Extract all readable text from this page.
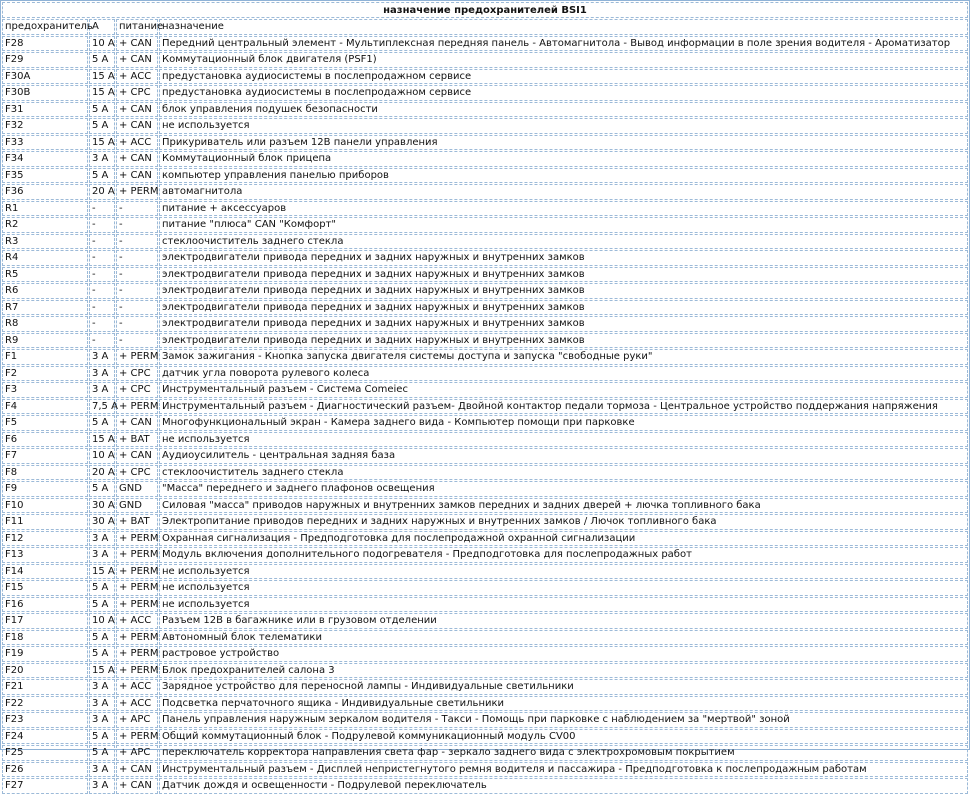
назначение предохранителей BSI1			
предохранитель	A	питание	назначение
F28	10 A	+ CAN	Передний центральный элемент - Мультиплексная передняя панель - Автомагнитола - Вывод информации в поле зрения водителя - Ароматизатор
F29	5 A	+ CAN	Коммутационный блок двигателя (PSF1)
F30A	15 A	+ ACC	предустановка аудиосистемы в послепродажном сервисе
F30B	15 A	+ CPC	предустановка аудиосистемы в послепродажном сервисе
F31	5 A	+ CAN	блок управления подушек безопасности
F32	5 A	+ CAN	не используется
F33	15 A	+ ACC	Прикуриватель или разъем 12В панели управления
F34	3 A	+ CAN	Коммутационный блок прицепа
F35	5 A	+ CAN	компьютер управления панелью приборов
F36	20 A	+ PERM	автомагнитола
R1	-	-	питание + аксессуаров
R2	-	-	питание "плюса" CAN "Комфорт"
R3	-	-	стеклоочиститель заднего стекла
R4	-	-	электродвигатели привода передних и задних наружных и внутренних замков
R5	-	-	электродвигатели привода передних и задних наружных и внутренних замков
R6	-	-	электродвигатели привода передних и задних наружных и внутренних замков
R7	-	-	электродвигатели привода передних и задних наружных и внутренних замков
R8	-	-	электродвигатели привода передних и задних наружных и внутренних замков
R9	-	-	электродвигатели привода передних и задних наружных и внутренних замков
F1	3 A	+ PERM	Замок зажигания - Кнопка запуска двигателя системы доступа и запуска "свободные руки"
F2	3 A	+ CPC	датчик угла поворота рулевого колеса
F3	3 A	+ CPC	Инструментальный разъем - Система Comeiec
F4	7,5 A	+ PERM	Инструментальный разъем - Диагностический разъем- Двойной контактор педали тормоза - Центральное устройство поддержания напряжения
F5	5 A	+ CAN	Многофункциональный экран - Камера заднего вида - Компьютер помощи при парковке
F6	15 A	+ BAT	не используется
F7	10 A	+ CAN	Аудиоусилитель - центральная задняя база
F8	20 A	+ CPC	стеклоочиститель заднего стекла
F9	5 A	GND	"Масса" переднего и заднего плафонов освещения
F10	30 A	GND	Силовая "масса" приводов наружных и внутренних замков передних и задних дверей + лючка топливного бака
F11	30 A	+ BAT	Электропитание приводов передних и задних наружных и внутренних замков / Лючок топливного бака
F12	3 A	+ PERM	Охранная сигнализация - Предподготовка для послепродажной охранной сигнализации
F13	3 A	+ PERM	Модуль включения дополнительного подогревателя - Предподготовка для послепродажных работ
F14	15 A	+ PERM	не используется
F15	5 A	+ PERM	не используется
F16	5 A	+ PERM	не используется
F17	10 A	+ ACC	Разъем 12В в багажнике или в грузовом отделении
F18	5 A	+ PERM	Автономный блок телематики
F19	5 A	+ PERM	растровое устройство
F20	15 A	+ PERM	Блок предохранителей салона 3
F21	3 A	+ ACC	Зарядное устройство для переносной лампы - Индивидуальные светильники
F22	3 A	+ ACC	Подсветка перчаточного ящика - Индивидуальные светильники
F23	3 A	+ APC	Панель управления наружным зеркалом водителя - Такси - Помощь при парковке с наблюдением за "мертвой" зоной
F24	5 A	+ PERM	Общий коммутационный блок - Подрулевой коммуникационный модуль CV00
F25	5 A	+ APC	переключатель корректора направления света фар - зеркало заднего вида с электрохромовым покрытием
F26	3 A	+ CAN	Инструментальный разъем - Дисплей непристегнутого ремня водителя и пассажира - Предподготовка к послепродажным работам
F27	3 A	+ CAN	Датчик дождя и освещенности - Подрулевой переключатель
